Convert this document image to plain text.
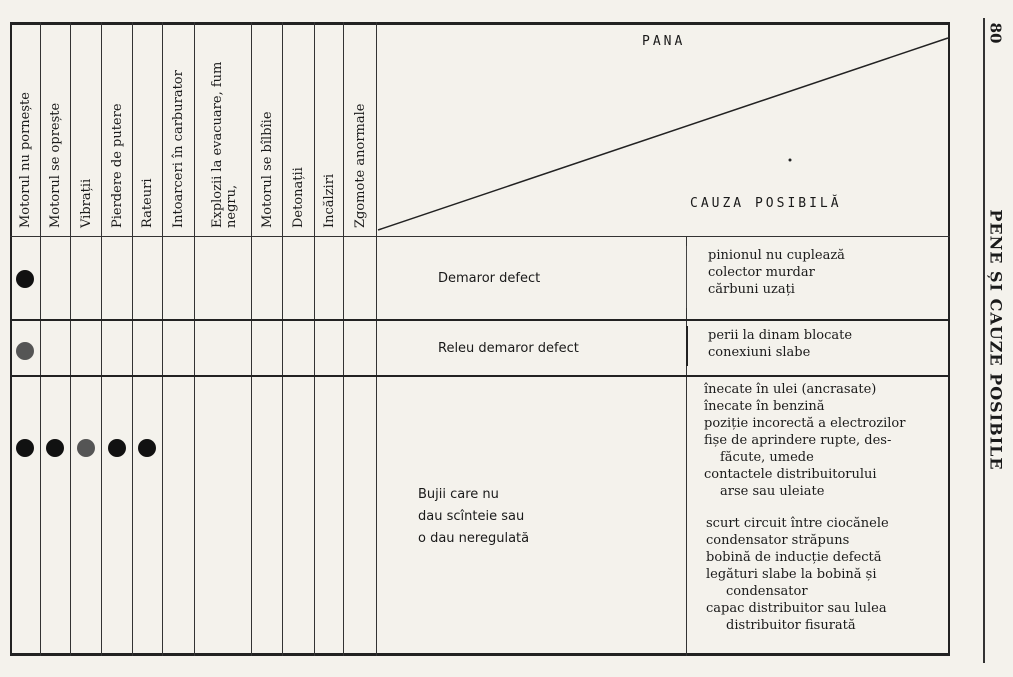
Motorul nu pornește Motorul se oprește Vibrații Pierdere de putere Rateuri Intoarceri în carburator Explozii la evacuare, fum negru, Motorul se bîlbîie Detonații Incălziri Zgomote anormale
PANA
CAUZA POSIBILĂ
Demaror defect
Releu demaror defect
Bujii care nu
dau scînteie sau
o dau neregulată
pinionul nu cuplează
colector murdar
cărbuni uzați
perii la dinam blocate
conexiuni slabe
înecate în ulei (ancrasate)
înecate în benzină
poziție incorectă a electrozilor
fișe de aprindere rupte, des-
făcute, umede
contactele distribuitorului
arse sau uleiate
scurt circuit între ciocănele
condensator străpuns
bobină de inducție defectă
legături slabe la bobină și
condensator
capac distribuitor sau lulea
distribuitor fisurată
80
PENE ȘI CAUZE POSIBILE
